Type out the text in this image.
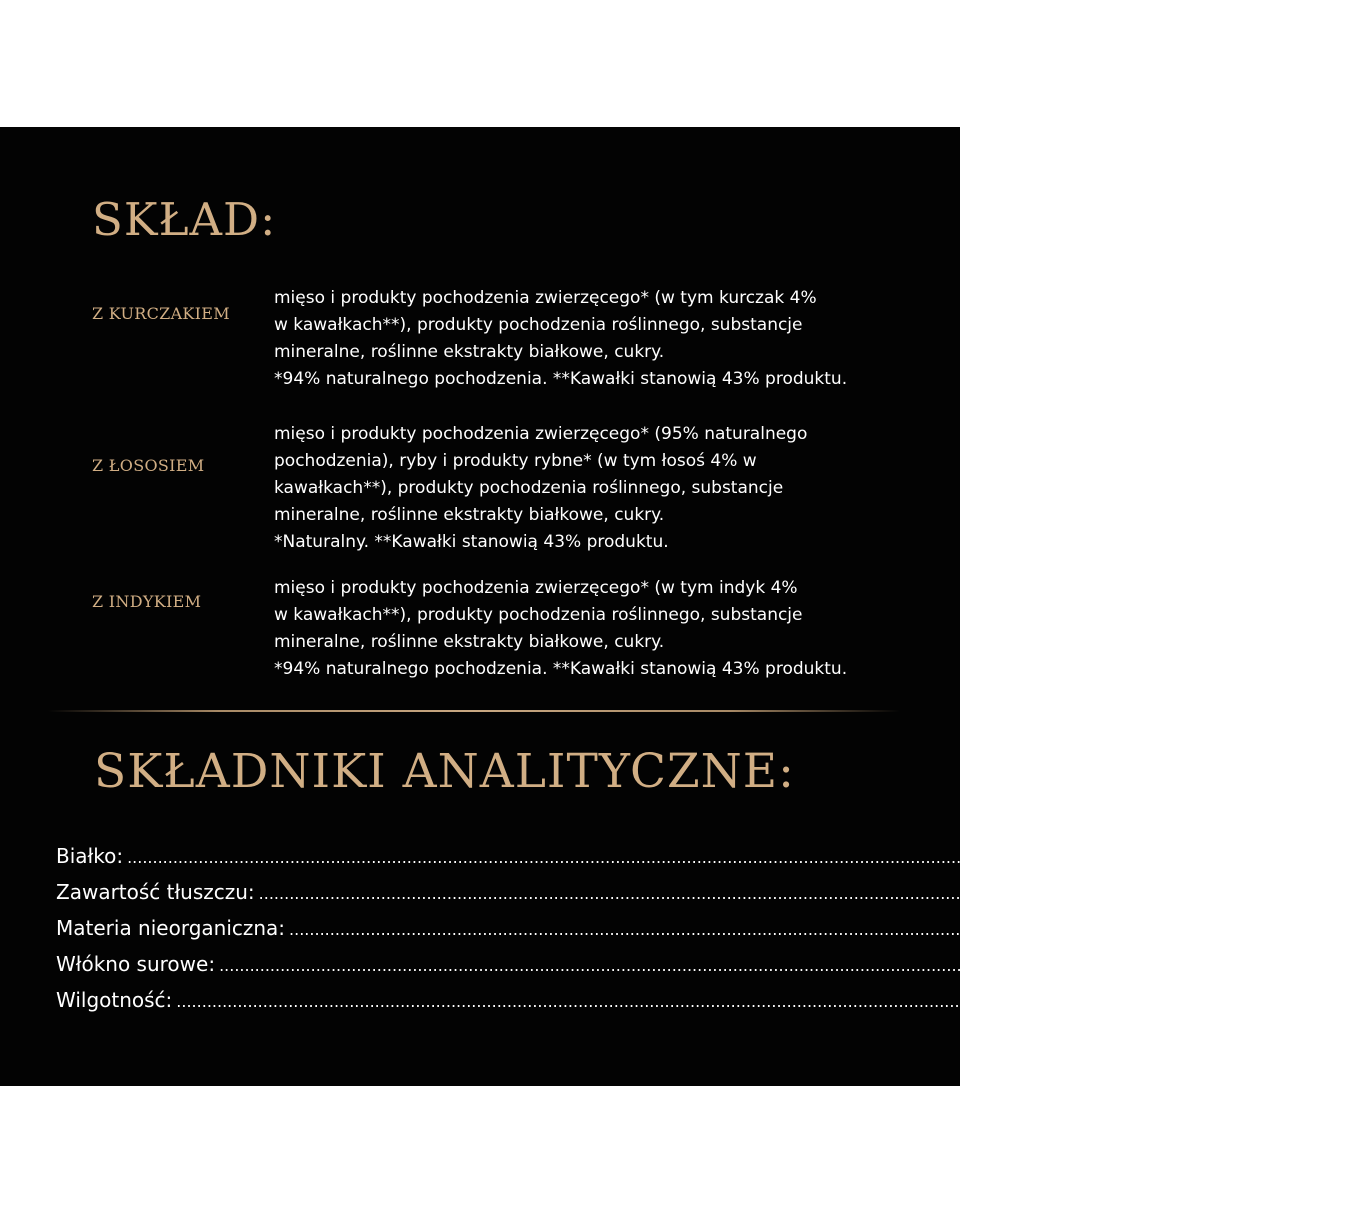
SKŁAD:
Z KURCZAKIEM
mięso i produkty pochodzenia zwierzęcego* (w tym kurczak 4%
w kawałkach**), produkty pochodzenia roślinnego, substancje
mineralne, roślinne ekstrakty białkowe, cukry.
*94% naturalnego pochodzenia. **Kawałki stanowią 43% produktu.
Z ŁOSOSIEM
mięso i produkty pochodzenia zwierzęcego* (95% naturalnego
pochodzenia), ryby i produkty rybne* (w tym łosoś 4% w
kawałkach**), produkty pochodzenia roślinnego, substancje
mineralne, roślinne ekstrakty białkowe, cukry.
*Naturalny. **Kawałki stanowią 43% produktu.
Z INDYKIEM
mięso i produkty pochodzenia zwierzęcego* (w tym indyk 4%
w kawałkach**), produkty pochodzenia roślinnego, substancje
mineralne, roślinne ekstrakty białkowe, cukry.
*94% naturalnego pochodzenia. **Kawałki stanowią 43% produktu.
SKŁADNIKI ANALITYCZNE:
Białko: ........................................................................................................................................................................................................ 7,9%
Zawartość tłuszczu: ........................................................................................................................................................................................................ 4,4%
Materia nieorganiczna: ........................................................................................................................................................................................................ 1,4%
Włókno surowe: ........................................................................................................................................................................................................ 0,30%
Wilgotność: ........................................................................................................................................................................................................ 84,0%
